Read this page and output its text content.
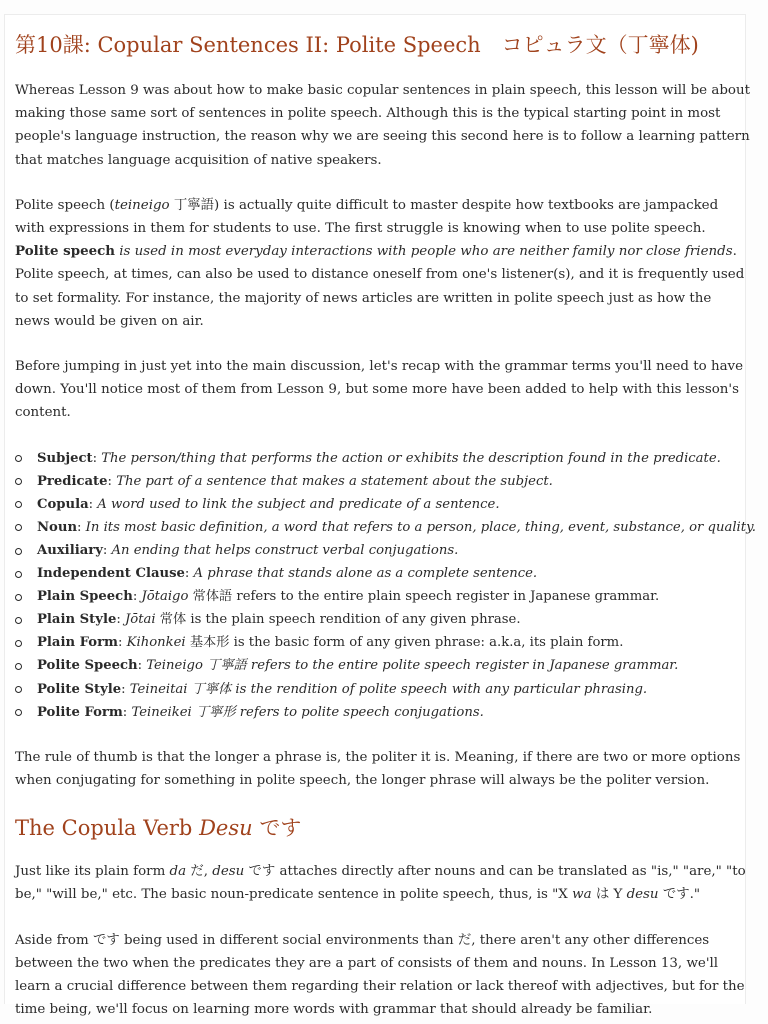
第10課: Copular Sentences II: Polite Speech　コピュラ文（丁寧体)

Whereas Lesson 9 was about how to make basic copular sentences in plain speech, this lesson will be about making those same sort of sentences in polite speech. Although this is the typical starting point in most people's language instruction, the reason why we are seeing this second here is to follow a learning pattern that matches language acquisition of native speakers.

Polite speech (teineigo 丁寧語) is actually quite difficult to master despite how textbooks are jampacked with expressions in them for students to use. The first struggle is knowing when to use polite speech. Polite speech is used in most everyday interactions with people who are neither family nor close friends. Polite speech, at times, can also be used to distance oneself from one's listener(s), and it is frequently used to set formality. For instance, the majority of news articles are written in polite speech just as how the news would be given on air.

Before jumping in just yet into the main discussion, let's recap with the grammar terms you'll need to have down. You'll notice most of them from Lesson 9, but some more have been added to help with this lesson's content.

Subject: The person/thing that performs the action or exhibits the description found in the predicate.
Predicate: The part of a sentence that makes a statement about the subject.
Copula: A word used to link the subject and predicate of a sentence.
Noun: In its most basic definition, a word that refers to a person, place, thing, event, substance, or quality.
Auxiliary: An ending that helps construct verbal conjugations.
Independent Clause: A phrase that stands alone as a complete sentence.
Plain Speech: Jōtaigo 常体語 refers to the entire plain speech register in Japanese grammar.
Plain Style: Jōtai 常体 is the plain speech rendition of any given phrase.
Plain Form: Kihonkei 基本形 is the basic form of any given phrase: a.k.a, its plain form.
Polite Speech: Teineigo 丁寧語 refers to the entire polite speech register in Japanese grammar.
Polite Style: Teineitai 丁寧体 is the rendition of polite speech with any particular phrasing.
Polite Form: Teineikei 丁寧形 refers to polite speech conjugations.

The rule of thumb is that the longer a phrase is, the politer it is. Meaning, if there are two or more options when conjugating for something in polite speech, the longer phrase will always be the politer version.

The Copula Verb Desu です

Just like its plain form da だ, desu です attaches directly after nouns and can be translated as "is," "are," "to be," "will be," etc. The basic noun-predicate sentence in polite speech, thus, is "X wa は Y desu です."

Aside from です being used in different social environments than だ, there aren't any other differences between the two when the predicates they are a part of consists of them and nouns. In Lesson 13, we'll learn a crucial difference between them regarding their relation or lack thereof with adjectives, but for the time being, we'll focus on learning more words with grammar that should already be familiar.
